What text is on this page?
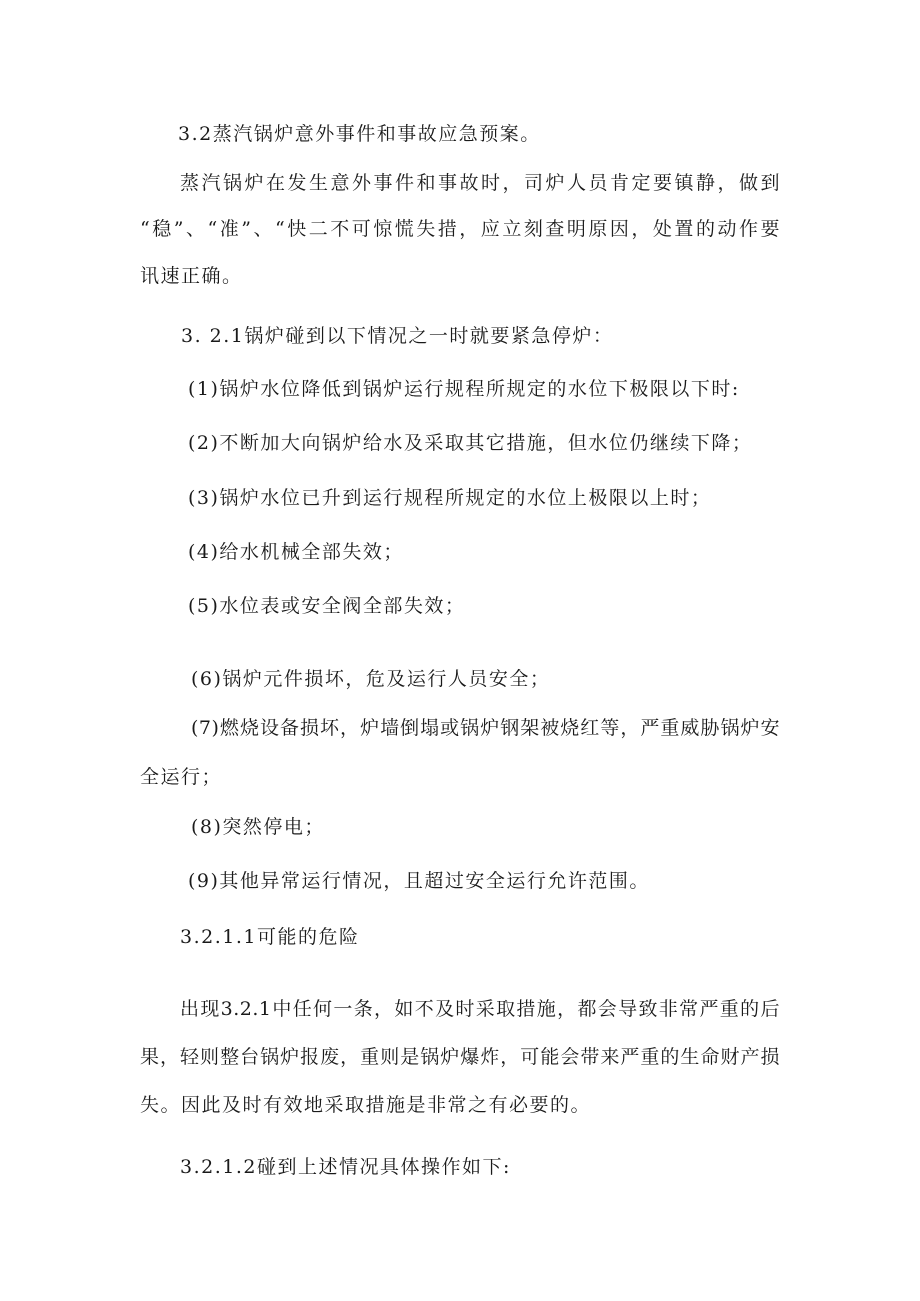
3.2蒸汽锅炉意外事件和事故应急预案。

蒸汽锅炉在发生意外事件和事故时，司炉人员肯定要镇静，做到

“稳”、“准”、“快二不可惊慌失措，应立刻查明原因，处置的动作要

讯速正确。

3. 2.1锅炉碰到以下情况之一时就要紧急停炉：

(1)锅炉水位降低到锅炉运行规程所规定的水位下极限以下时:

(2)不断加大向锅炉给水及采取其它措施，但水位仍继续下降；

(3)锅炉水位已升到运行规程所规定的水位上极限以上时；

(4)给水机械全部失效；

(5)水位表或安全阀全部失效；

(6)锅炉元件损坏，危及运行人员安全；

(7)燃烧设备损坏，炉墙倒塌或锅炉钢架被烧红等，严重威胁锅炉安

全运行；

(8)突然停电；

(9)其他异常运行情况，且超过安全运行允许范围。

3.2.1.1可能的危险

出现3.2.1中任何一条，如不及时采取措施，都会导致非常严重的后

果，轻则整台锅炉报废，重则是锅炉爆炸，可能会带来严重的生命财产损

失。因此及时有效地采取措施是非常之有必要的。

3.2.1.2碰到上述情况具体操作如下:
